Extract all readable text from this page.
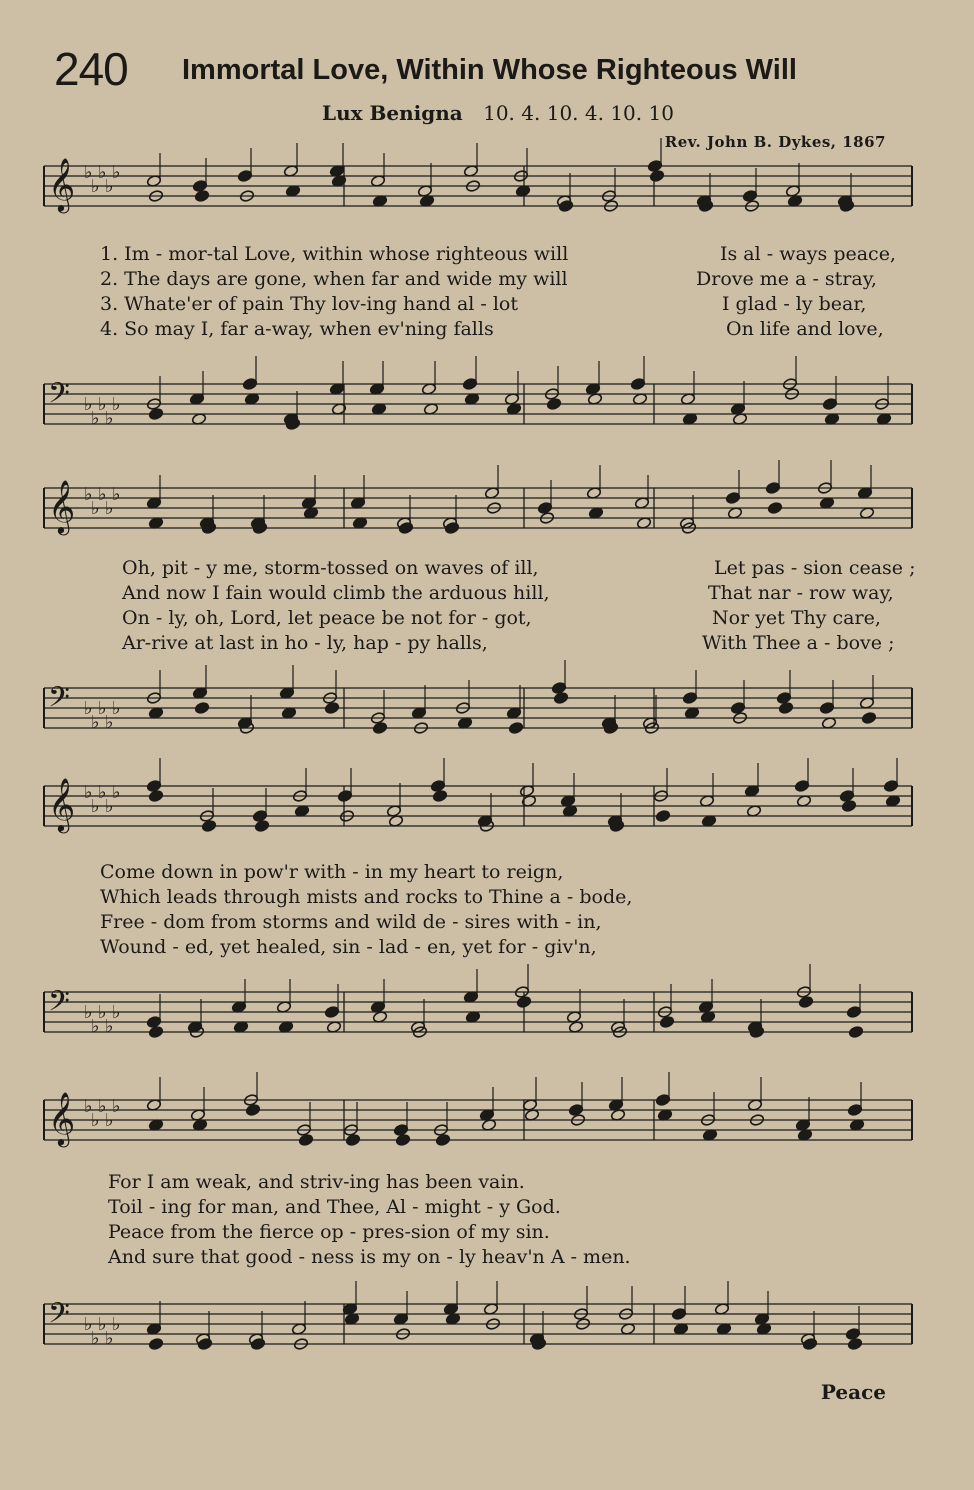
240 Immortal Love, Within Whose Righteous Will
Lux Benigna 10. 4. 10. 4. 10. 10
Rev. John B. Dykes, 1867
𝄞 ♭
♭
♭
♭
♭
1. Im - mor-tal Love, within whose righteous will	Is al - ways peace,
2. The days are gone, when far and wide my will	Drove me a - stray,
3. Whate'er of pain Thy lov-ing hand al - lot	I glad - ly bear,
4. So may I, far a-way, when ev'ning falls	On life and love,
𝄢 ♭
♭
♭
♭
♭
𝄞 ♭
♭
♭
♭
♭
Oh, pit - y me, storm-tossed on waves of ill,	Let pas - sion cease ;
And now I fain would climb the arduous hill,	That nar - row way,
On - ly, oh, Lord, let peace be not for - got,	Nor yet Thy care,
Ar-rive at last in ho - ly, hap - py halls,	With Thee a - bove ;
𝄢 ♭
♭
♭
♭
♭
𝄞 ♭
♭
♭
♭
♭
Come down in pow'r with - in my heart to reign,
Which leads through mists and rocks to Thine a - bode,
Free - dom from storms and wild de - sires with - in,
Wound - ed, yet healed, sin - lad - en, yet for - giv'n,
𝄢 ♭
♭
♭
♭
♭
𝄞 ♭
♭
♭
♭
♭
For I am weak, and striv-ing has been vain.
Toil - ing for man, and Thee, Al - might - y God.
Peace from the fierce op - pres-sion of my sin.
And sure that good - ness is my on - ly heav'n A - men.
𝄢 ♭
♭
♭
♭
♭
Peace
